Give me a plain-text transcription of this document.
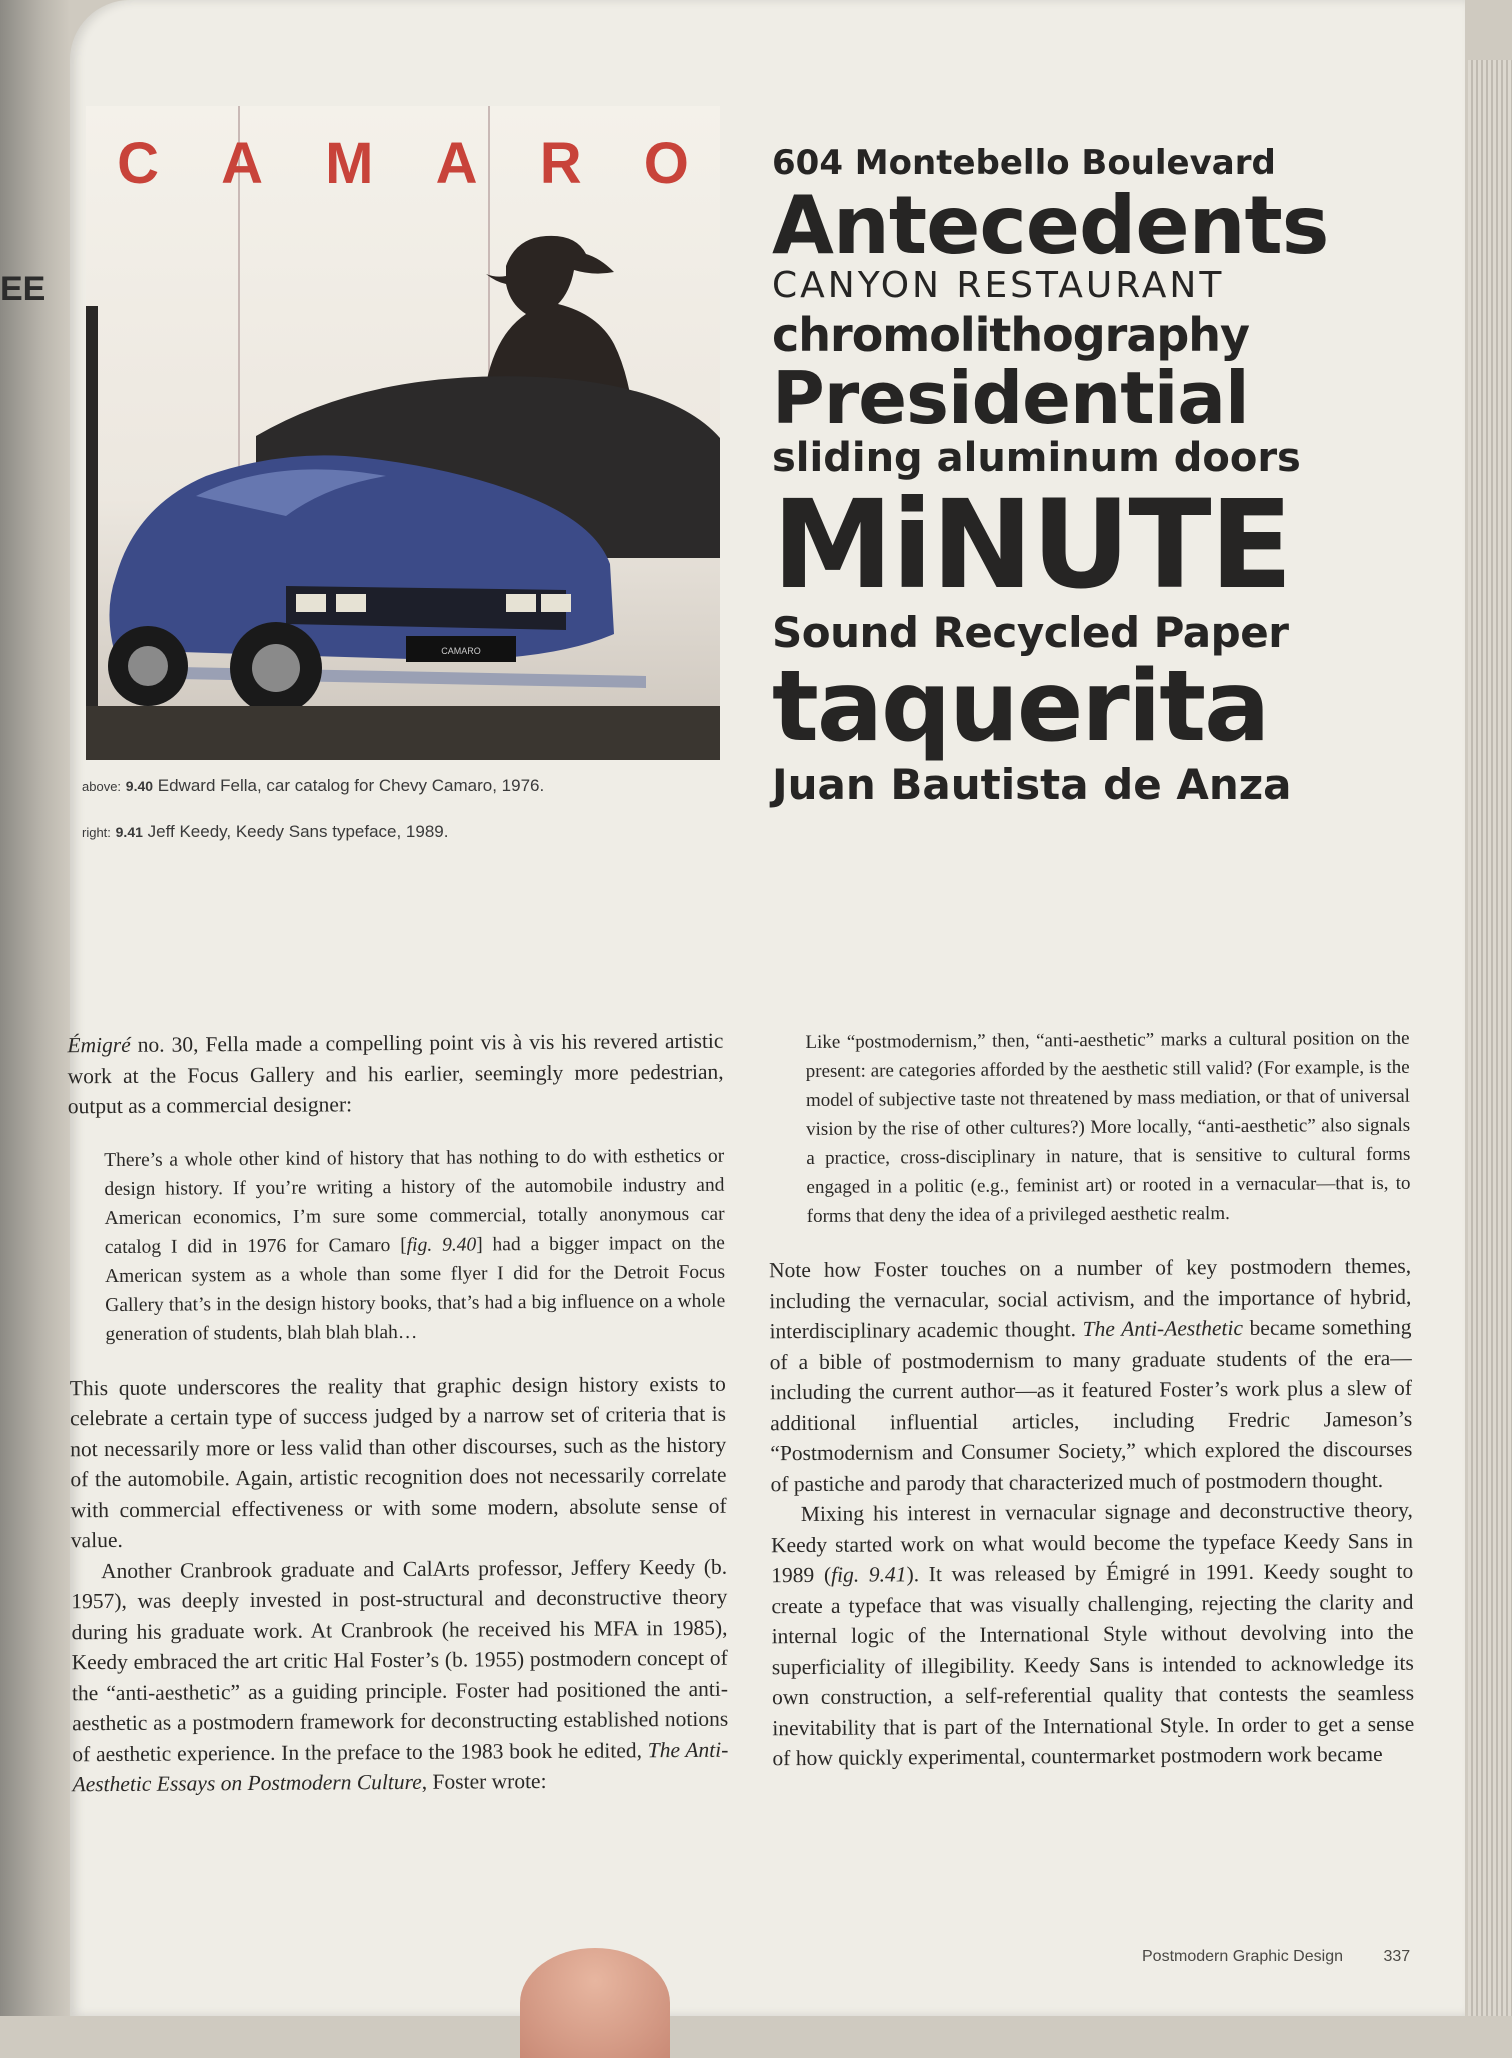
EE
C A M A R O
CAMARO
above: 9.40 Edward Fella, car catalog for Chevy Camaro, 1976.
right: 9.41 Jeff Keedy, Keedy Sans typeface, 1989.
604 Montebello Boulevard
Antecedents
CANYON RESTAURANT
chromolithography
Presidential
sliding aluminum doors
MiNUTE
Sound Recycled Paper
taquerita
Juan Bautista de Anza

Émigré no. 30, Fella made a compelling point vis à vis his revered artistic work at the Focus Gallery and his earlier, seemingly more pedestrian, output as a commercial designer:

There’s a whole other kind of history that has nothing to do with esthetics or design history. If you’re writing a history of the automobile industry and American economics, I’m sure some commercial, totally anonymous car catalog I did in 1976 for Camaro [fig. 9.40] had a bigger impact on the American system as a whole than some flyer I did for the Detroit Focus Gallery that’s in the design history books, that’s had a big influence on a whole generation of students, blah blah blah…

This quote underscores the reality that graphic design history exists to celebrate a certain type of success judged by a narrow set of criteria that is not necessarily more or less valid than other discourses, such as the history of the automobile. Again, artistic recognition does not necessarily correlate with commercial effectiveness or with some modern, absolute sense of value.

Another Cranbrook graduate and CalArts professor, Jeffery Keedy (b. 1957), was deeply invested in post-structural and deconstructive theory during his graduate work. At Cranbrook (he received his MFA in 1985), Keedy embraced the art critic Hal Foster’s (b. 1955) postmodern concept of the “anti-aesthetic” as a guiding principle. Foster had positioned the anti-aesthetic as a postmodern framework for deconstructing established notions of aesthetic experience. In the preface to the 1983 book he edited, The Anti-Aesthetic Essays on Postmodern Culture, Foster wrote:

Like “postmodernism,” then, “anti-aesthetic” marks a cultural position on the present: are categories afforded by the aesthetic still valid? (For example, is the model of subjective taste not threatened by mass mediation, or that of universal vision by the rise of other cultures?) More locally, “anti-aesthetic” also signals a practice, cross-disciplinary in nature, that is sensitive to cultural forms engaged in a politic (e.g., feminist art) or rooted in a vernacular—that is, to forms that deny the idea of a privileged aesthetic realm.

Note how Foster touches on a number of key postmodern themes, including the vernacular, social activism, and the importance of hybrid, interdisciplinary academic thought. The Anti-Aesthetic became something of a bible of postmodernism to many graduate students of the era—including the current author—as it featured Foster’s work plus a slew of additional influential articles, including Fredric Jameson’s “Postmodernism and Consumer Society,” which explored the discourses of pastiche and parody that characterized much of postmodern thought.

Mixing his interest in vernacular signage and deconstructive theory, Keedy started work on what would become the typeface Keedy Sans in 1989 (fig. 9.41). It was released by Émigré in 1991. Keedy sought to create a typeface that was visually challenging, rejecting the clarity and internal logic of the International Style without devolving into the superficiality of illegibility. Keedy Sans is intended to acknowledge its own construction, a self-referential quality that contests the seamless inevitability that is part of the International Style. In order to get a sense of how quickly experimental, countermarket postmodern work became

Postmodern Graphic Design	337
